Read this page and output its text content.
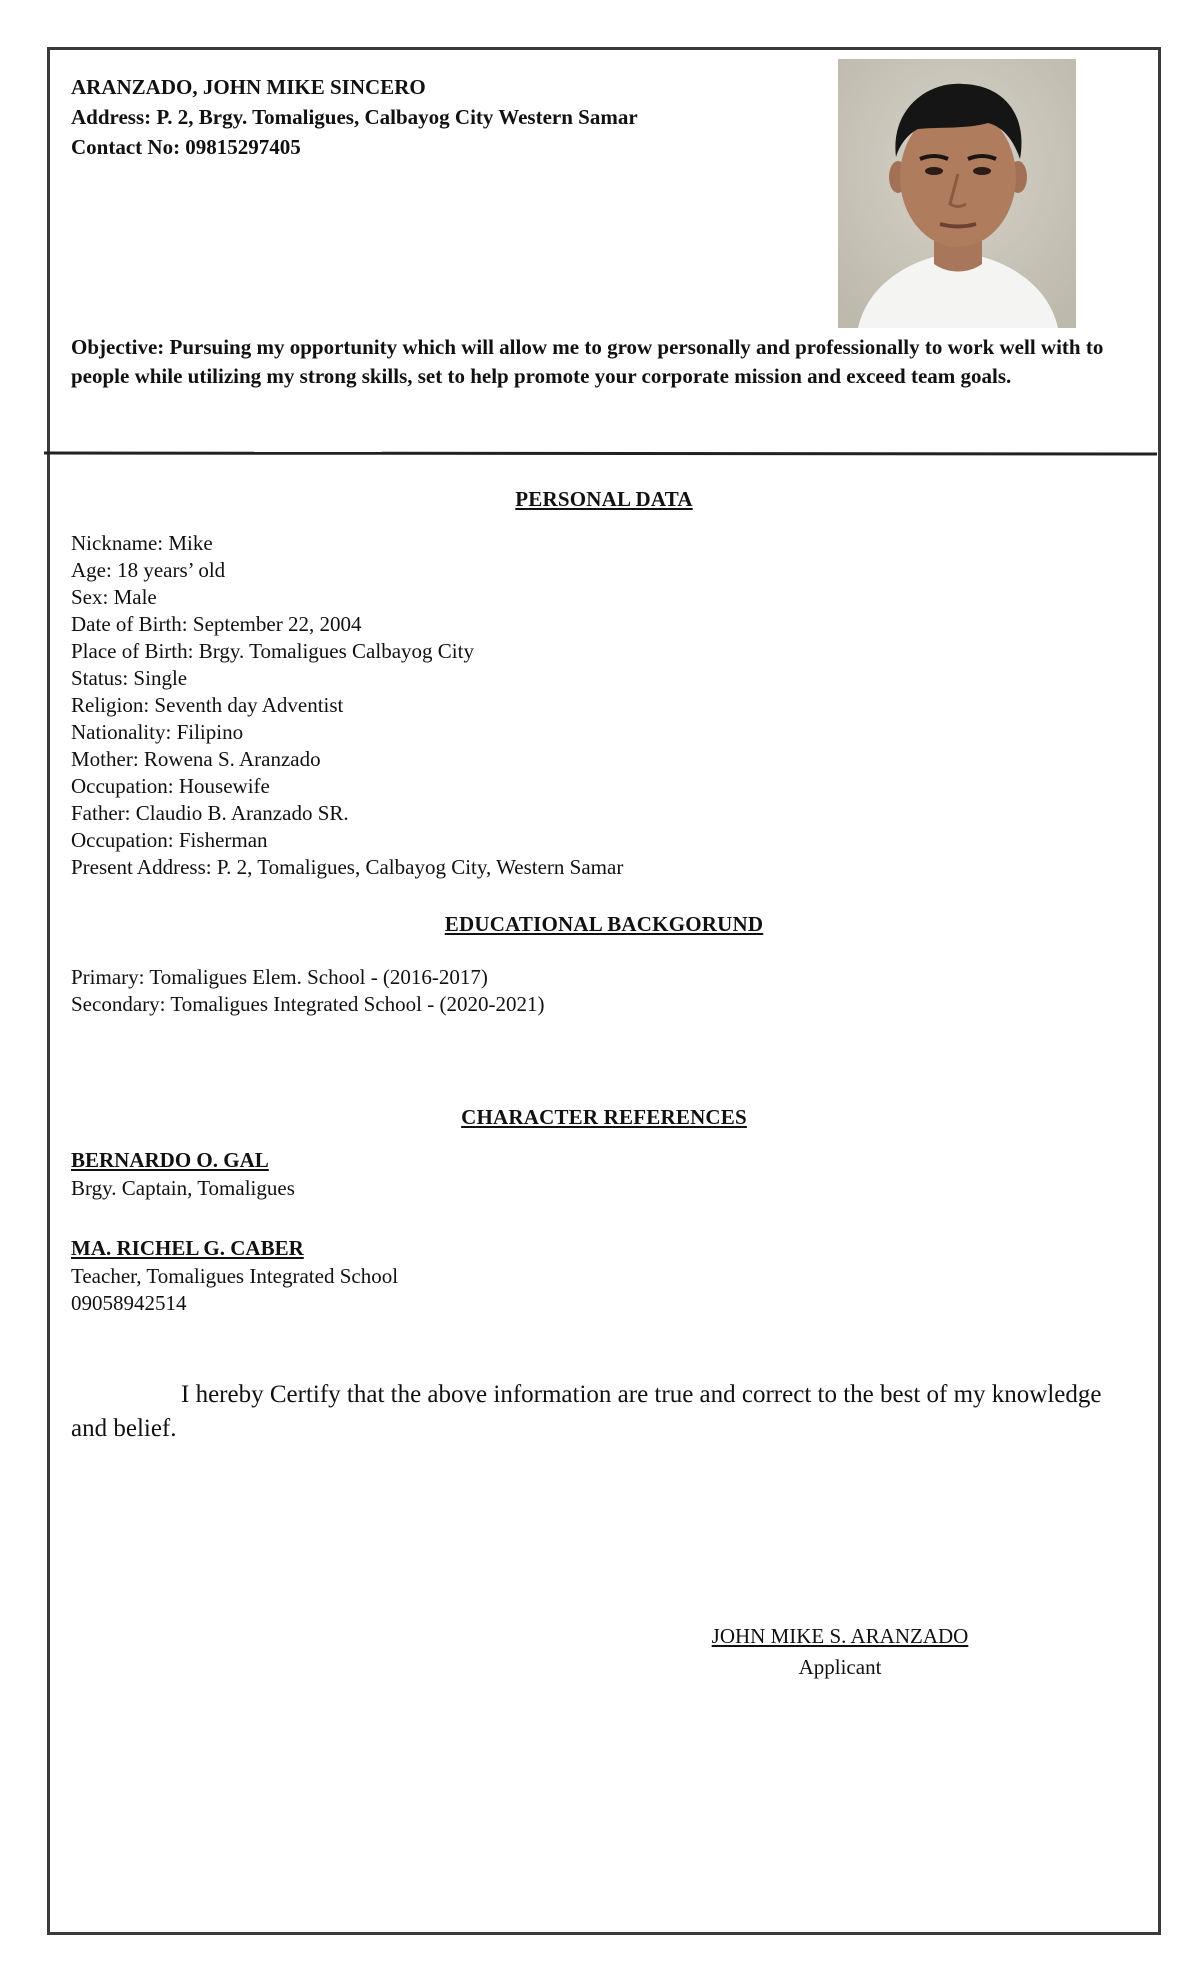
ARANZADO, JOHN MIKE SINCERO
Address: P. 2, Brgy. Tomaligues, Calbayog City Western Samar
Contact No: 09815297405
Objective: Pursuing my opportunity which will allow me to grow personally and professionally to work well with to people while utilizing my strong skills, set to help promote your corporate mission and exceed team goals.
PERSONAL DATA
Nickname: Mike
Age: 18 years’ old
Sex: Male
Date of Birth: September 22, 2004
Place of Birth: Brgy. Tomaligues Calbayog City
Status: Single
Religion: Seventh day Adventist
Nationality: Filipino
Mother: Rowena S. Aranzado
Occupation: Housewife
Father: Claudio B. Aranzado SR.
Occupation: Fisherman
Present Address: P. 2, Tomaligues, Calbayog City, Western Samar
EDUCATIONAL BACKGORUND
Primary: Tomaligues Elem. School - (2016-2017)
Secondary: Tomaligues Integrated School - (2020-2021)
CHARACTER REFERENCES
BERNARDO O. GAL
Brgy. Captain, Tomaligues
MA. RICHEL G. CABER
Teacher, Tomaligues Integrated School
09058942514
I hereby Certify that the above information are true and correct to the best of my knowledge and belief.
JOHN MIKE S. ARANZADO
Applicant
